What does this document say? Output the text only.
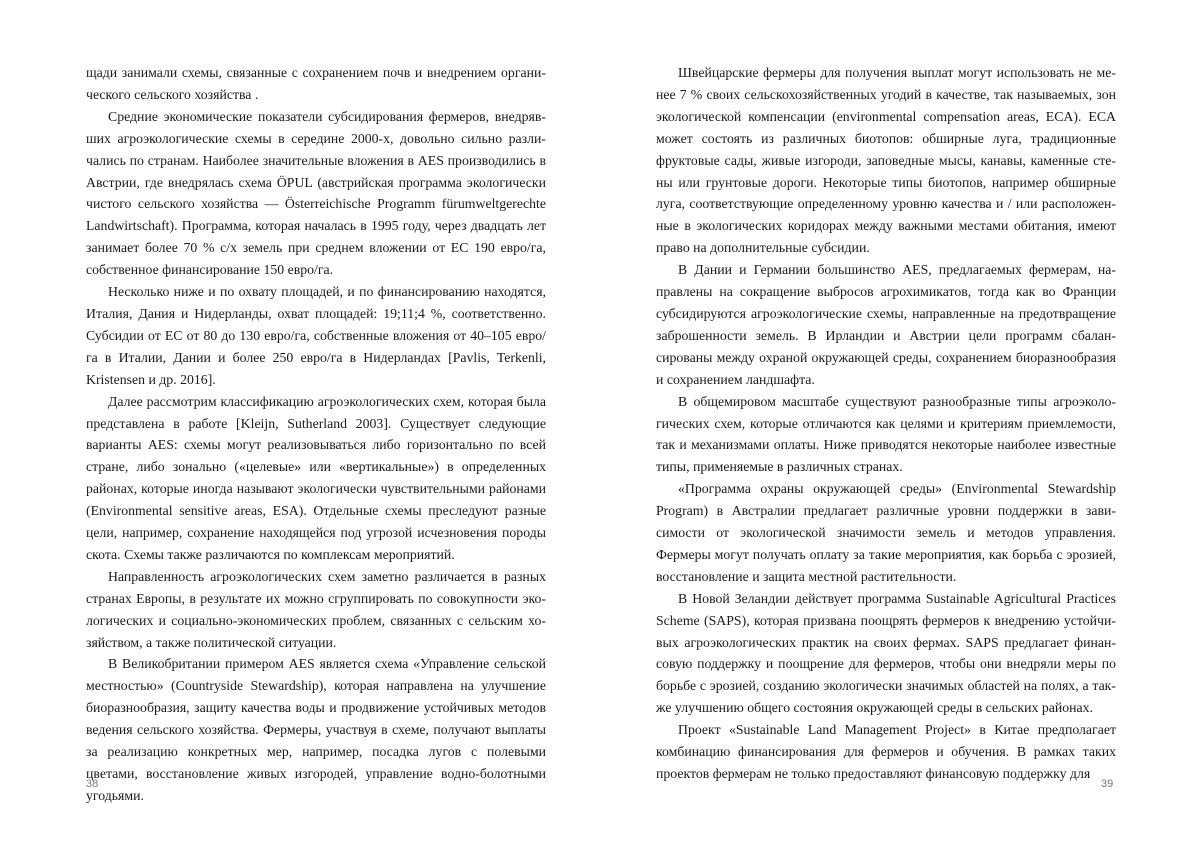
щади занимали схемы, связанные с сохранением почв и внедрением органического сельского хозяйства .

Средние экономические показатели субсидирования фермеров, внедрявших агроэкологические схемы в середине 2000-х, довольно сильно различались по странам. Наиболее значительные вложения в AES производились в Австрии, где внедрялась схема ÖPUL (австрийская программа экологически чистого сельского хозяйства — Österreichische Programm fürumweltgerechte Landwirtschaft). Программа, которая началась в 1995 году, через двадцать лет занимает более 70 % с/х земель при среднем вложении от ЕС 190 евро/га, собственное финансирование 150 евро/га.

Несколько ниже и по охвату площадей, и по финансированию находятся, Италия, Дания и Нидерланды, охват площадей: 19;11;4 %, соответственно. Субсидии от ЕС от 80 до 130 евро/га, собственные вложения от 40–105 евро/га в Италии, Дании и более 250 евро/га в Нидерландах [Pavlis, Terkenli, Kristensen и др. 2016].

Далее рассмотрим классификацию агроэкологических схем, которая была представлена в работе [Kleijn, Sutherland 2003]. Существует следующие варианты AES: схемы могут реализовываться либо горизонтально по всей стране, либо зонально («целевые» или «вертикальные») в определенных районах, которые иногда называют экологически чувствительными районами (Environmental sensitive areas, ESA). Отдельные схемы преследуют разные цели, например, сохранение находящейся под угрозой исчезновения породы скота. Схемы также различаются по комплексам мероприятий.

Направленность агроэкологических схем заметно различается в разных странах Европы, в результате их можно сгруппировать по совокупности экологических и социально-экономических проблем, связанных с сельским хозяйством, а также политической ситуации.

В Великобритании примером AES является схема «Управление сельской местностью» (Countryside Stewardship), которая направлена на улучшение биоразнообразия, защиту качества воды и продвижение устойчивых методов ведения сельского хозяйства. Фермеры, участвуя в схеме, получают выплаты за реализацию конкретных мер, например, посадка лугов с полевыми цветами, восстановление живых изгородей, управление водно-болотными угодьями.

38

Швейцарские фермеры для получения выплат могут использовать не менее 7 % своих сельскохозяйственных угодий в качестве, так называемых, зон экологической компенсации (environmental compensation areas, ECA). ECA может состоять из различных биотопов: обширные луга, традиционные фруктовые сады, живые изгороди, заповедные мысы, канавы, каменные стены или грунтовые дороги. Некоторые типы биотопов, например обширные луга, соответствующие определенному уровню качества и / или расположенные в экологических коридорах между важными местами обитания, имеют право на дополнительные субсидии.

В Дании и Германии большинство AES, предлагаемых фермерам, направлены на сокращение выбросов агрохимикатов, тогда как во Франции субсидируются агроэкологические схемы, направленные на предотвращение заброшенности земель. В Ирландии и Австрии цели программ сбалансированы между охраной окружающей среды, сохранением биоразнообразия и сохранением ландшафта.

В общемировом масштабе существуют разнообразные типы агроэкологических схем, которые отличаются как целями и критериям приемлемости, так и механизмами оплаты. Ниже приводятся некоторые наиболее известные типы, применяемые в различных странах.

«Программа охраны окружающей среды» (Environmental Stewardship Program) в Австралии предлагает различные уровни поддержки в зависимости от экологической значимости земель и методов управления. Фермеры могут получать оплату за такие мероприятия, как борьба с эрозией, восстановление и защита местной растительности.

В Новой Зеландии действует программа Sustainable Agricultural Practices Scheme (SAPS), которая призвана поощрять фермеров к внедрению устойчивых агроэкологических практик на своих фермах. SAPS предлагает финансовую поддержку и поощрение для фермеров, чтобы они внедряли меры по борьбе с эрозией, созданию экологически значимых областей на полях, а также улучшению общего состояния окружающей среды в сельских районах.

Проект «Sustainable Land Management Project» в Китае предполагает комбинацию финансирования для фермеров и обучения. В рамках таких проектов фермерам не только предоставляют финансовую поддержку для

39
